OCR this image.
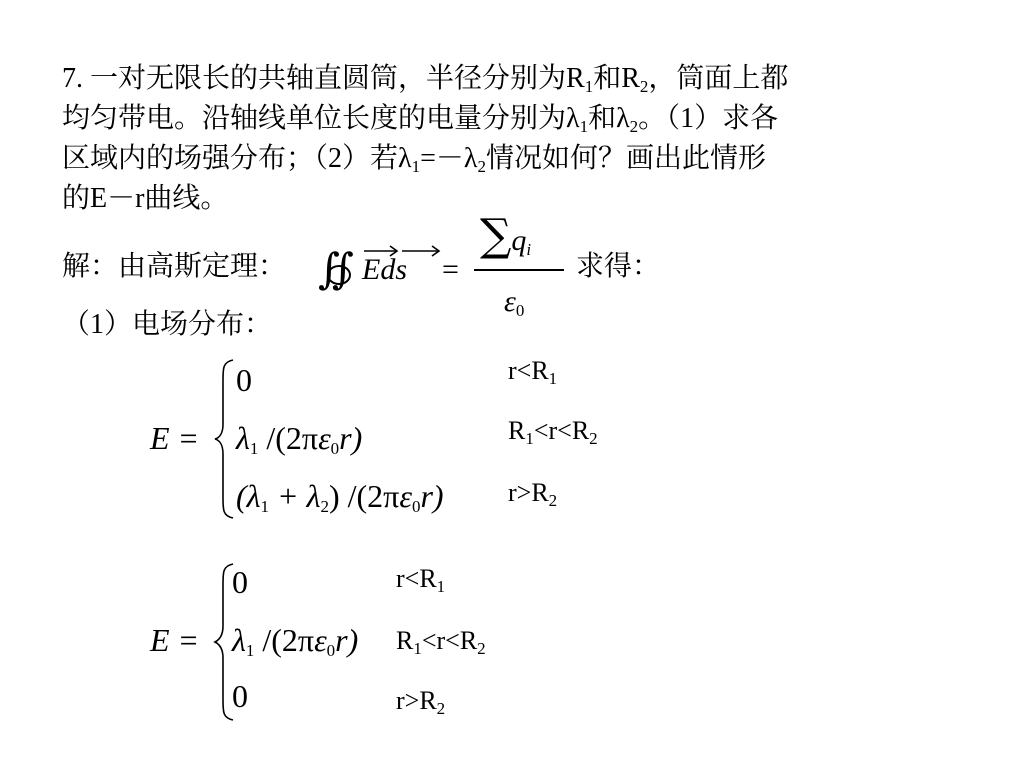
7. 一对无限长的共轴直圆筒，半径分别为$R_1$和$R_2$，筒面上都
均匀带电。沿轴线单位长度的电量分别为$\lambda_1$和$\lambda_2$。（1）求各
区域内的场强分布；（2）若$\lambda_1=-\lambda_2$情况如何？画出此情形
的E－r曲线。
解：由高斯定理： ∬ Eds =
$\sum q_i$
$\varepsilon_0$
求得：
（1）电场分布：
E =
0
$\lambda_1$ $/(2\pi\varepsilon_0r)$
$(\lambda_1 + \lambda_2)$ $/(2\pi\varepsilon_0r)$
$r<R_1$
$R_1<r<R_2$
$r>R_2$
E =
0
$\lambda_1$ $/(2\pi\varepsilon_0r)$
0
$r<R_1$
$R_1<r<R_2$
$r>R_2$
